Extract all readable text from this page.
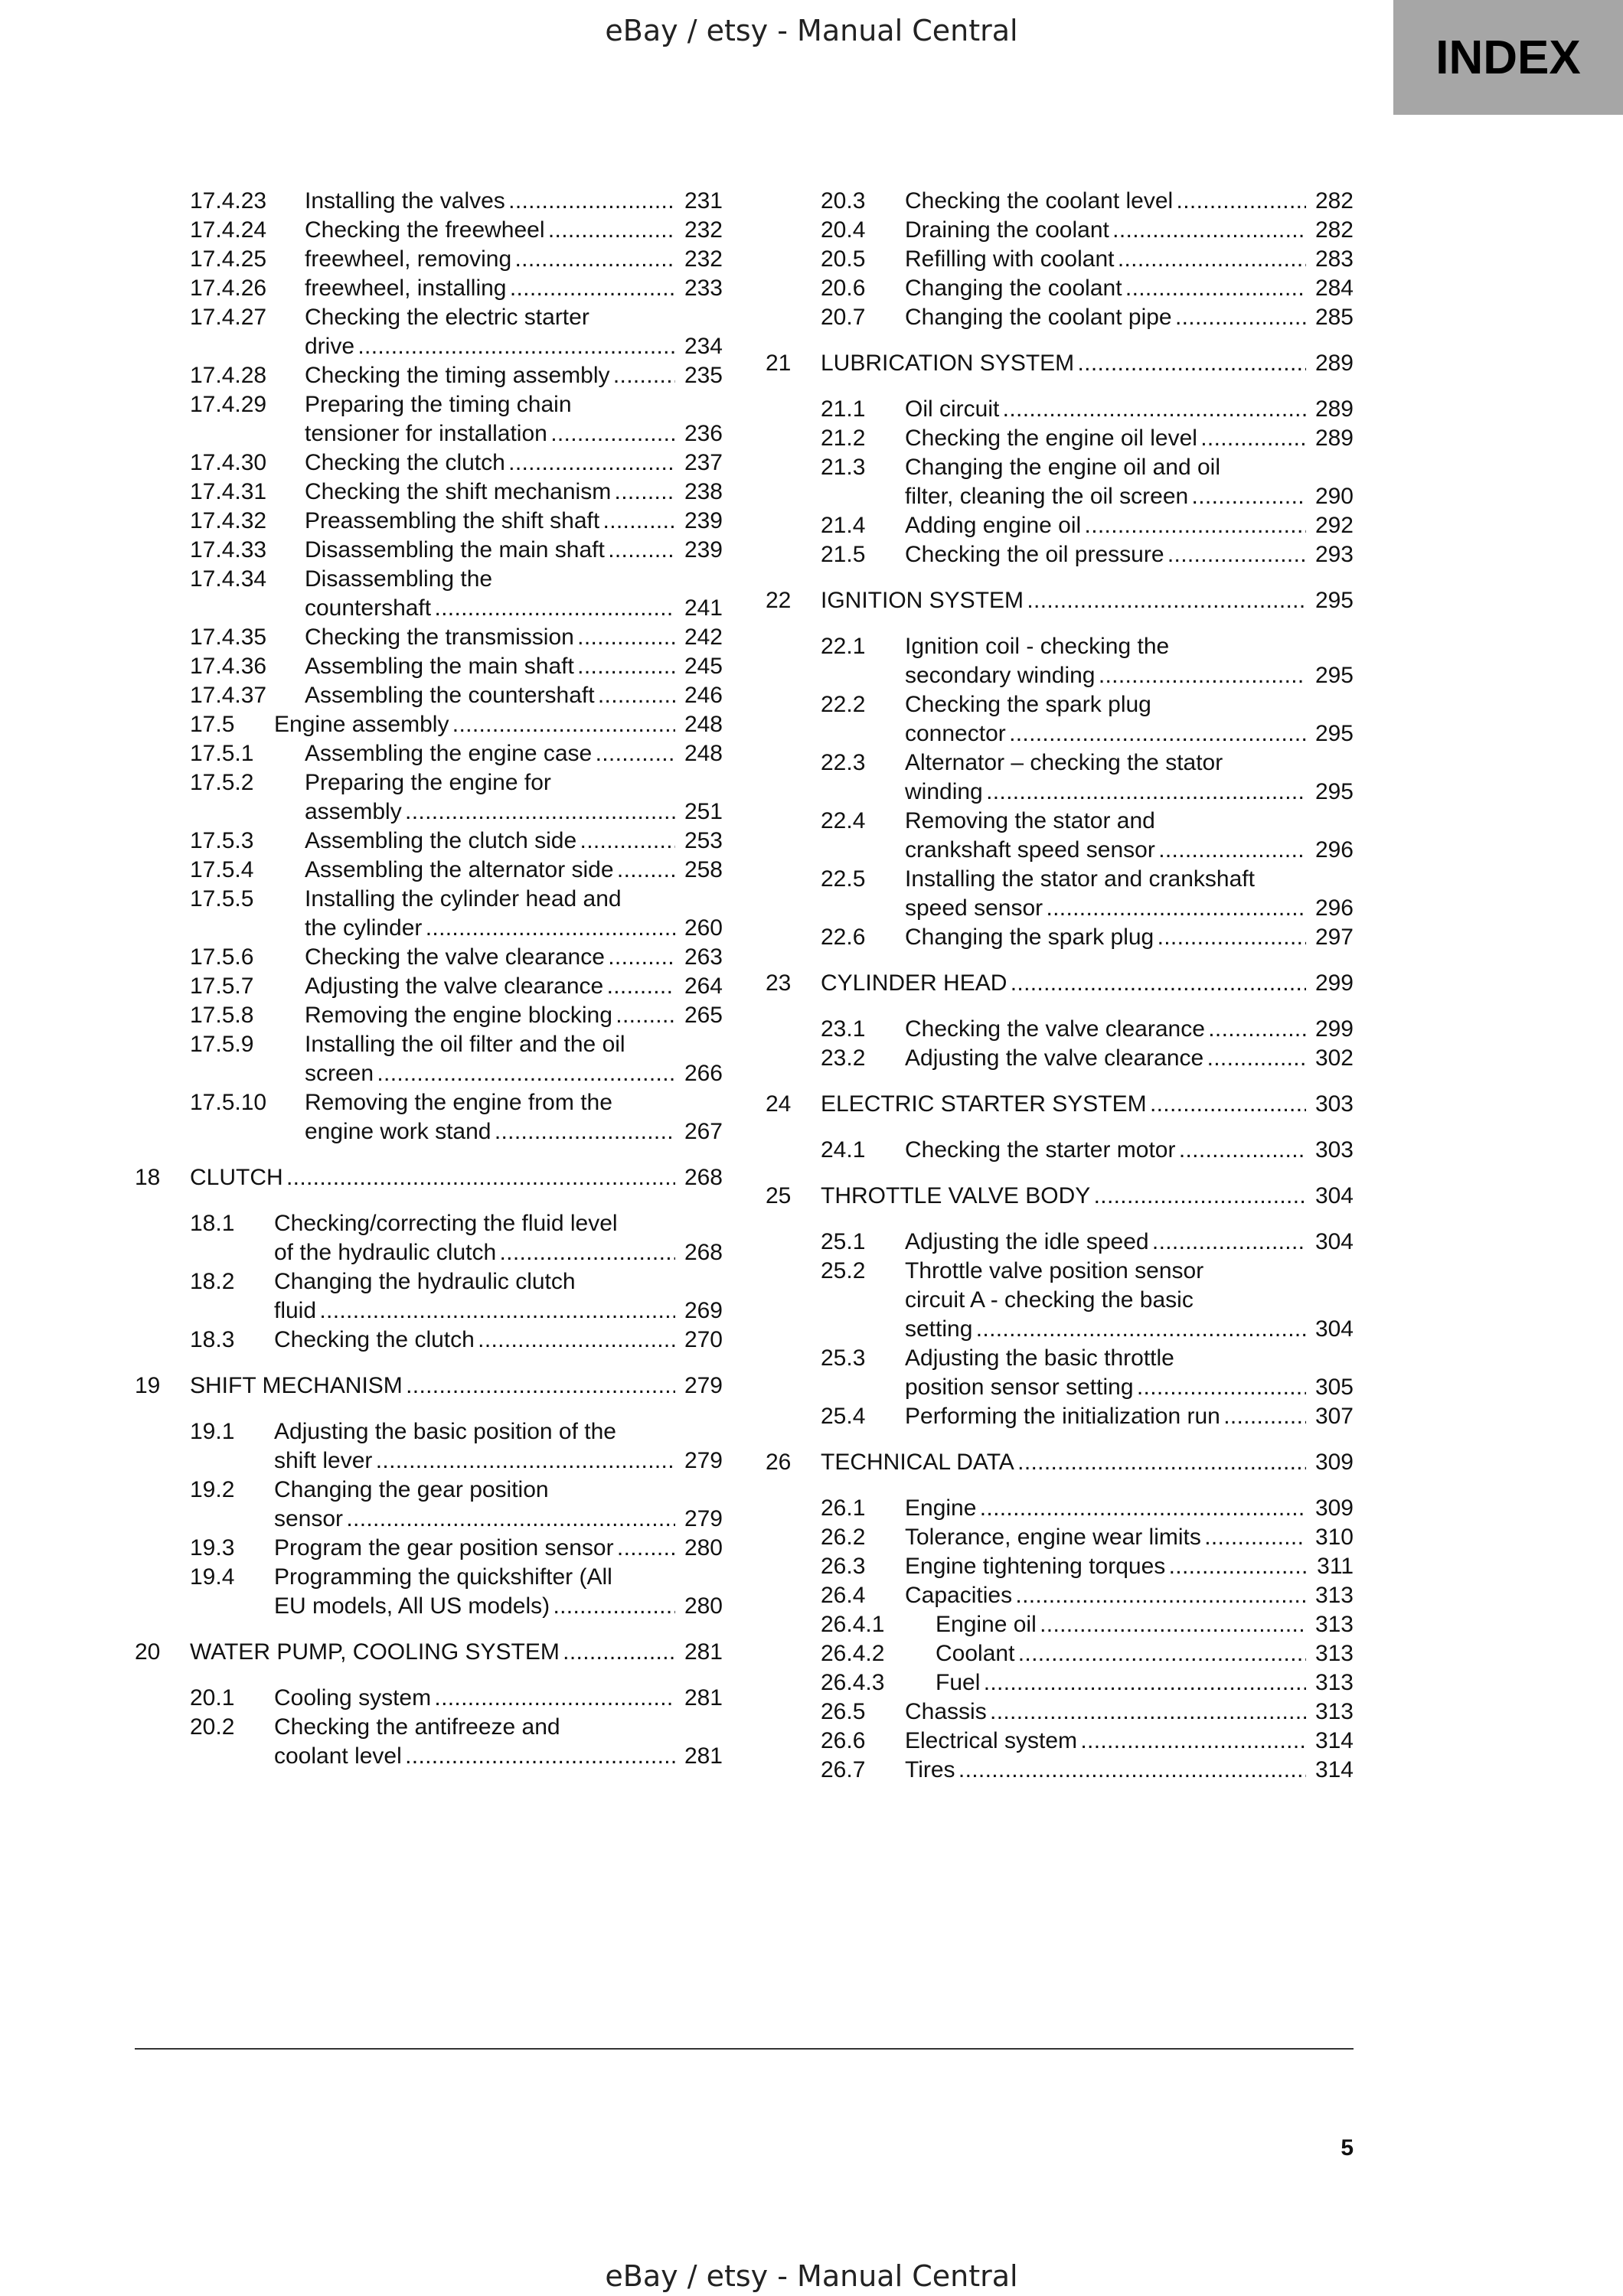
eBay / etsy - Manual Central
INDEX
17.4.23 Installing the valves . . .	231
17.4.24 Checking the freewheel . . .	232
17.4.25 freewheel, removing . . .	232
17.4.26 freewheel, installing . . .	233
17.4.27 Checking the electric starter
drive . . .	234
17.4.28 Checking the timing assembly . . .	235
17.4.29 Preparing the timing chain
tensioner for installation . . .	236
17.4.30 Checking the clutch . . .	237
17.4.31 Checking the shift mechanism . . .	238
17.4.32 Preassembling the shift shaft . . .	239
17.4.33 Disassembling the main shaft . . .	239
17.4.34 Disassembling the
countershaft . . .	241
17.4.35 Checking the transmission . . .	242
17.4.36 Assembling the main shaft . . .	245
17.4.37 Assembling the countershaft . . .	246
17.5 Engine assembly . . .	248
17.5.1 Assembling the engine case . . .	248
17.5.2 Preparing the engine for
assembly . . .	251
17.5.3 Assembling the clutch side . . .	253
17.5.4 Assembling the alternator side . . .	258
17.5.5 Installing the cylinder head and
the cylinder . . .	260
17.5.6 Checking the valve clearance . . .	263
17.5.7 Adjusting the valve clearance . . .	264
17.5.8 Removing the engine blocking . . .	265
17.5.9 Installing the oil filter and the oil
screen . . .	266
17.5.10 Removing the engine from the
engine work stand . . .	267
18 CLUTCH . . .	268
18.1 Checking/correcting the fluid level
of the hydraulic clutch . . .	268
18.2 Changing the hydraulic clutch
fluid . . .	269
18.3 Checking the clutch . . .	270
19 SHIFT MECHANISM . . .	279
19.1 Adjusting the basic position of the
shift lever . . .	279
19.2 Changing the gear position
sensor . . .	279
19.3 Program the gear position sensor . . .	280
19.4 Programming the quickshifter (All
EU models, All US models) . . .	280
20 WATER PUMP, COOLING SYSTEM . . .	281
20.1 Cooling system . . .	281
20.2 Checking the antifreeze and
coolant level . . .	281
20.3 Checking the coolant level . . .	282
20.4 Draining the coolant . . .	282
20.5 Refilling with coolant . . .	283
20.6 Changing the coolant . . .	284
20.7 Changing the coolant pipe . . .	285
21 LUBRICATION SYSTEM . . .	289
21.1 Oil circuit . . .	289
21.2 Checking the engine oil level . . .	289
21.3 Changing the engine oil and oil
filter, cleaning the oil screen . . .	290
21.4 Adding engine oil . . .	292
21.5 Checking the oil pressure . . .	293
22 IGNITION SYSTEM . . .	295
22.1 Ignition coil - checking the
secondary winding . . .	295
22.2 Checking the spark plug
connector . . .	295
22.3 Alternator – checking the stator
winding . . .	295
22.4 Removing the stator and
crankshaft speed sensor . . .	296
22.5 Installing the stator and crankshaft
speed sensor . . .	296
22.6 Changing the spark plug . . .	297
23 CYLINDER HEAD . . .	299
23.1 Checking the valve clearance . . .	299
23.2 Adjusting the valve clearance . . .	302
24 ELECTRIC STARTER SYSTEM . . .	303
24.1 Checking the starter motor . . .	303
25 THROTTLE VALVE BODY . . .	304
25.1 Adjusting the idle speed . . .	304
25.2 Throttle valve position sensor
circuit A - checking the basic
setting . . .	304
25.3 Adjusting the basic throttle
position sensor setting . . .	305
25.4 Performing the initialization run . . .	307
26 TECHNICAL DATA . . .	309
26.1 Engine . . .	309
26.2 Tolerance, engine wear limits . . .	310
26.3 Engine tightening torques . . .	311
26.4 Capacities . . .	313
26.4.1 Engine oil . . .	313
26.4.2 Coolant . . .	313
26.4.3 Fuel . . .	313
26.5 Chassis . . .	313
26.6 Electrical system . . .	314
26.7 Tires . . .	314
5
eBay / etsy - Manual Central
